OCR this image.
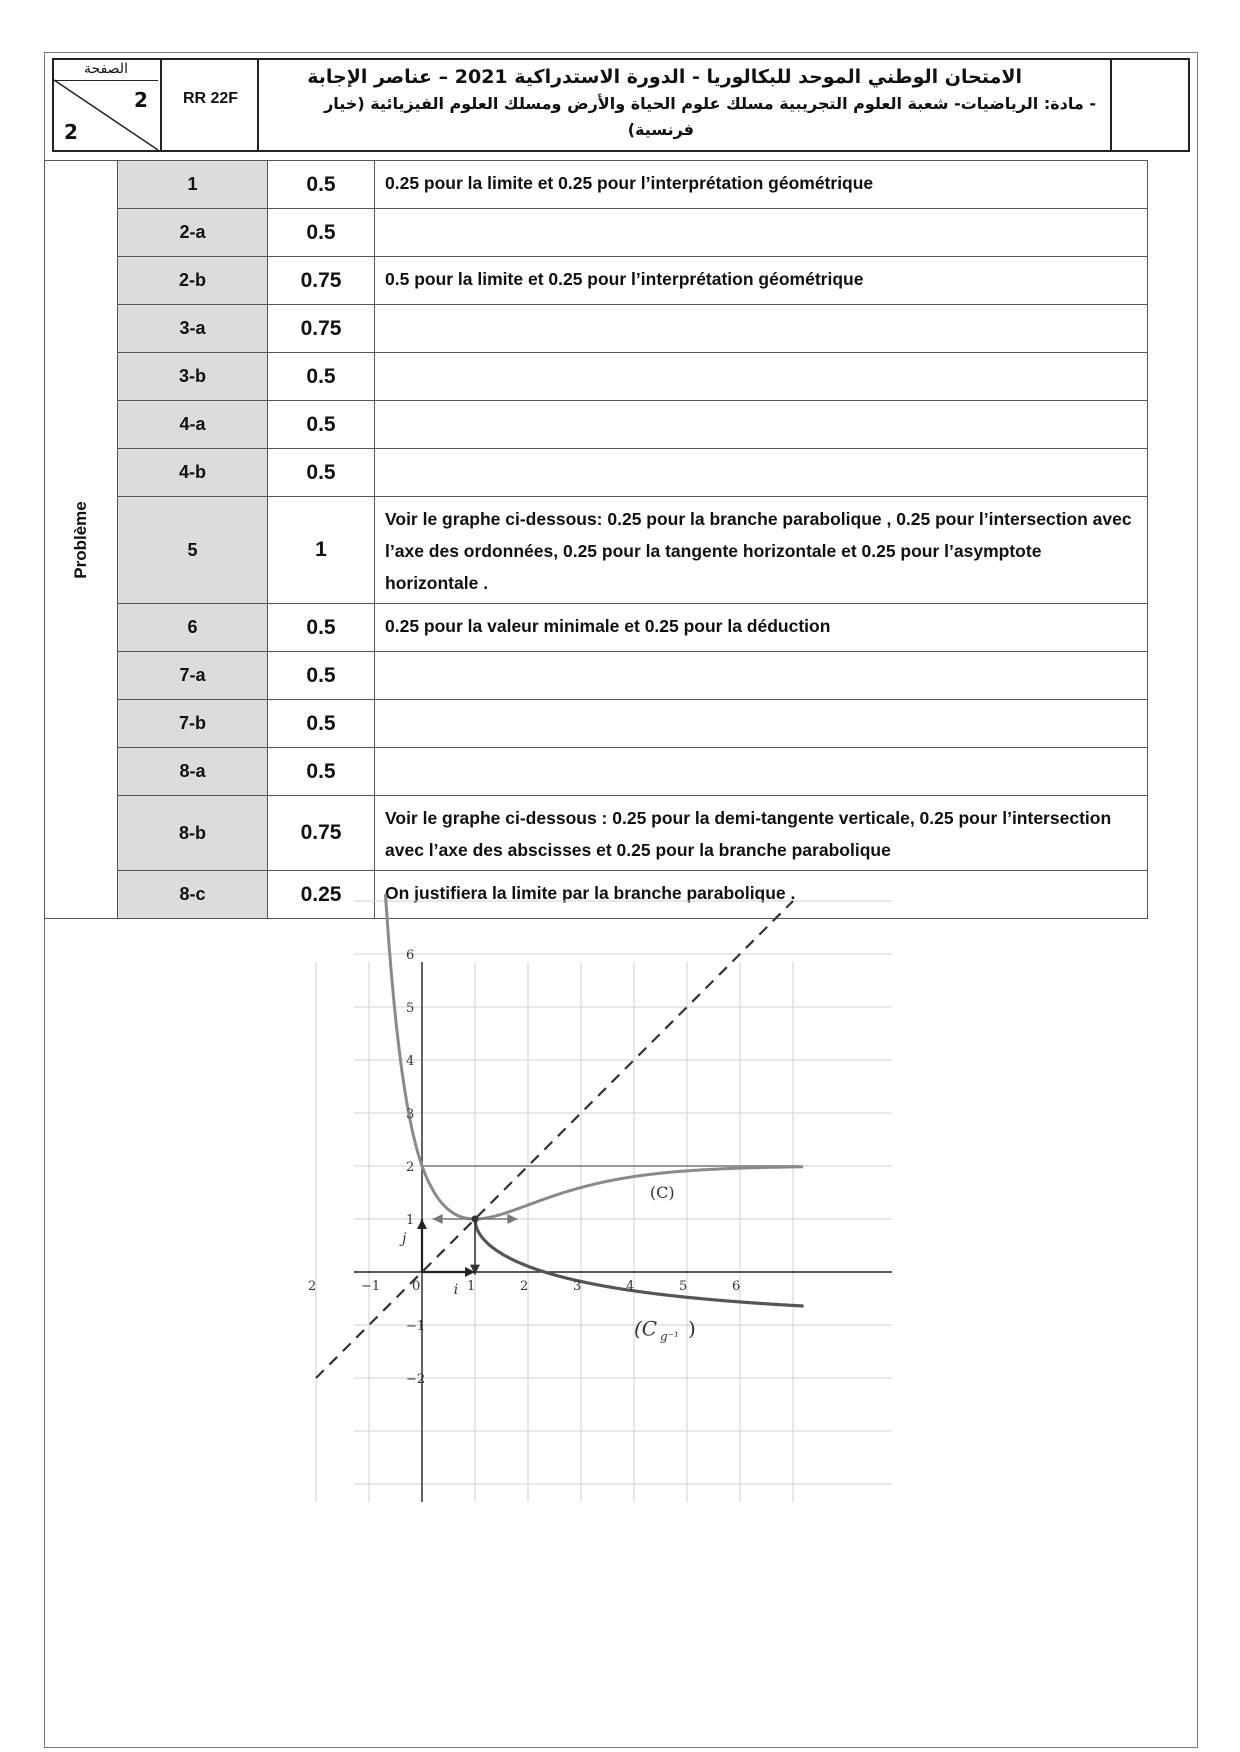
الصفحة
2
2
RR 22F
الامتحان الوطني الموحد للبكالوريا - الدورة الاستدراكية 2021 – عناصر الإجابة
- مادة: الرياضيات- شعبة العلوم التجريبية مسلك علوم الحياة والأرض ومسلك العلوم الفيزيائية (خيار
فرنسية)
Problème	1	0.5	0.25 pour la limite et 0.25 pour l’interprétation géométrique
	2-a	0.5	
	2-b	0.75	0.5 pour la limite et 0.25 pour l’interprétation géométrique
	3-a	0.75	
	3-b	0.5	
	4-a	0.5	
	4-b	0.5	
	5	1	Voir le graphe ci-dessous: 0.25 pour la branche parabolique , 0.25 pour l’intersection avec l’axe des ordonnées, 0.25 pour la tangente horizontale et 0.25 pour l’asymptote horizontale .
	6	0.5	0.25 pour la valeur minimale et 0.25 pour la déduction
	7-a	0.5	
	7-b	0.5	
	8-a	0.5	
	8-b	0.75	Voir le graphe ci-dessous : 0.25 pour la demi-tangente verticale, 0.25 pour l’intersection avec l’axe des abscisses et 0.25 pour la branche parabolique
	8-c	0.25	On justifiera la limite par la branche parabolique .
2	−1 0	1	2	3	4	5	6
6
5
4
3
2
1
−1
−2
(C)
(C g⁻¹ )
i
j
